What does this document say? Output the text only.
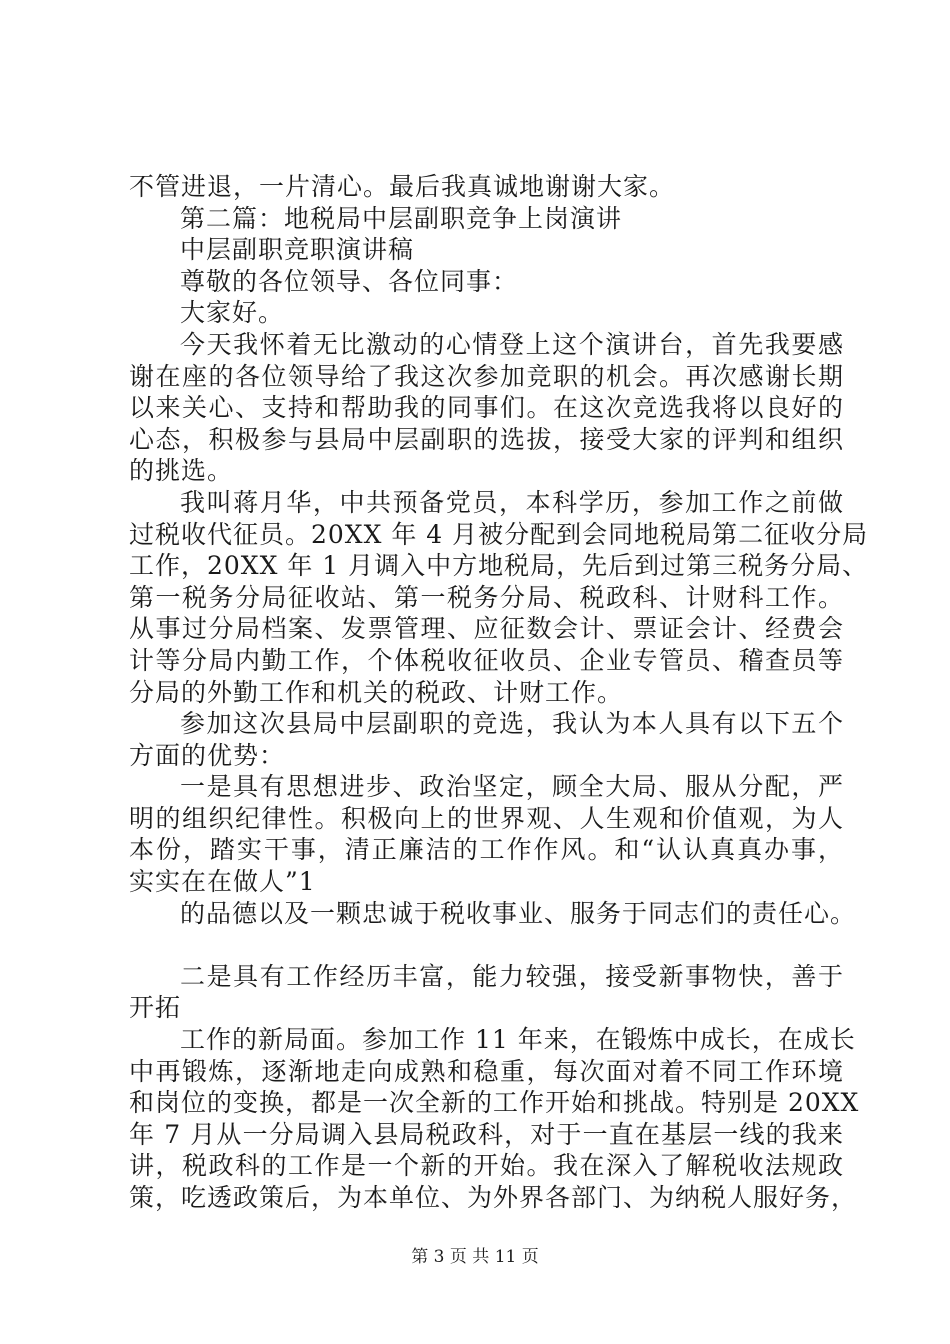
不管进退，一片清心。最后我真诚地谢谢大家。
第二篇：地税局中层副职竞争上岗演讲
中层副职竞职演讲稿
尊敬的各位领导、各位同事：
大家好。
今天我怀着无比激动的心情登上这个演讲台，首先我要感
谢在座的各位领导给了我这次参加竞职的机会。再次感谢长期
以来关心、支持和帮助我的同事们。在这次竞选我将以良好的
心态，积极参与县局中层副职的选拔，接受大家的评判和组织
的挑选。
我叫蒋月华，中共预备党员，本科学历，参加工作之前做
过税收代征员。20XX 年 4 月被分配到会同地税局第二征收分局
工作，20XX 年 1 月调入中方地税局，先后到过第三税务分局、
第一税务分局征收站、第一税务分局、税政科、计财科工作。
从事过分局档案、发票管理、应征数会计、票证会计、经费会
计等分局内勤工作，个体税收征收员、企业专管员、稽查员等
分局的外勤工作和机关的税政、计财工作。
参加这次县局中层副职的竞选，我认为本人具有以下五个
方面的优势：
一是具有思想进步、政治坚定，顾全大局、服从分配，严
明的组织纪律性。积极向上的世界观、人生观和价值观，为人
本份，踏实干事，清正廉洁的工作作风。和“认认真真办事，
实实在在做人”1
的品德以及一颗忠诚于税收事业、服务于同志们的责任心。
二是具有工作经历丰富，能力较强，接受新事物快，善于
开拓
工作的新局面。参加工作 11 年来，在锻炼中成长，在成长
中再锻炼，逐渐地走向成熟和稳重，每次面对着不同工作环境
和岗位的变换，都是一次全新的工作开始和挑战。特别是 20XX
年 7 月从一分局调入县局税政科，对于一直在基层一线的我来
讲，税政科的工作是一个新的开始。我在深入了解税收法规政
策，吃透政策后，为本单位、为外界各部门、为纳税人服好务，
第 3 页 共 11 页
